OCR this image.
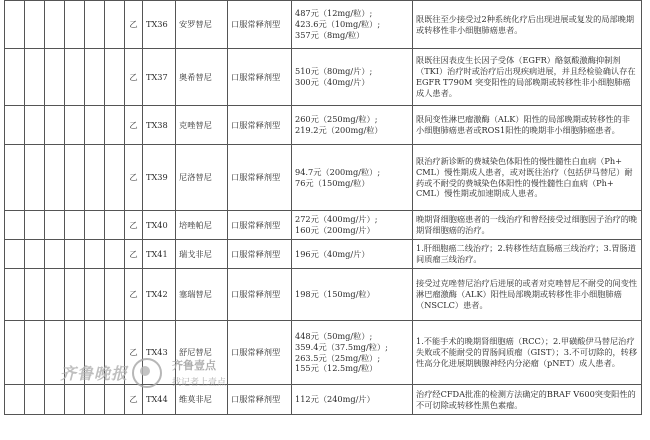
						乙	TX36	安罗替尼	口服常释剂型	487元（12mg/粒）;
423.6元（10mg/粒）;
357元（8mg/粒）	限既往至少接受过2种系统化疗后出现进展或复发的局部晚期或转移性非小细胞肺癌患者。
						乙	TX37	奥希替尼	口服常释剂型	510元（80mg/片）;
300元（40mg/片）	限既往因表皮生长因子受体（EGFR）酪氨酸激酶抑制剂（TKI）治疗时或治疗后出现疾病进展，并且经检验确认存在EGFR T790M 突变阳性的局部晚期或转移性非小细胞肺癌成人患者。
						乙	TX38	克唑替尼	口服常释剂型	260元（250mg/粒）;
219.2元（200mg/粒）	限间变性淋巴瘤激酶（ALK）阳性的局部晚期或转移性的非小细胞肺癌患者或ROS1阳性的晚期非小细胞肺癌患者。
						乙	TX39	尼洛替尼	口服常释剂型	94.7元（200mg/粒）;
76元（150mg/粒）	限治疗新诊断的费城染色体阳性的慢性髓性白血病（Ph+ CML）慢性期成人患者，或对既往治疗（包括伊马替尼）耐药或不耐受的费城染色体阳性的慢性髓性白血病（Ph+ CML）慢性期或加速期成人患者。
						乙	TX40	培唑帕尼	口服常释剂型	272元（400mg/片）;
160元（200mg/片）	晚期肾细胞癌患者的一线治疗和曾经接受过细胞因子治疗的晚期肾细胞癌的治疗。
						乙	TX41	瑞戈非尼	口服常释剂型	196元（40mg/片）	1.肝细胞癌二线治疗；2.转移性结直肠癌三线治疗；3.胃肠道间质瘤三线治疗。
						乙	TX42	塞瑞替尼	口服常释剂型	198元（150mg/粒）	接受过克唑替尼治疗后进展的或者对克唑替尼不耐受的间变性淋巴瘤激酶（ALK）阳性局部晚期或转移性非小细胞肺癌（NSCLC）患者。
						乙	TX43	舒尼替尼	口服常释剂型	448元（50mg/粒）;
359.4元（37.5mg/粒）;
263.5元（25mg/粒）;
155元（12.5mg/粒）	1.不能手术的晚期肾细胞癌（RCC）；2.甲磺酸伊马替尼治疗失败或不能耐受的胃肠间质瘤（GIST）；3.不可切除的，转移性高分化进展期胰腺神经内分泌瘤（pNET）成人患者。
						乙	TX44	维莫非尼	口服常释剂型	112元（240mg/片）	治疗经CFDA批准的检测方法确定的BRAF V600突变阳性的不可切除或转移性黑色素瘤。
齐鲁晚报	齐鲁壹点
找记者上壹点
